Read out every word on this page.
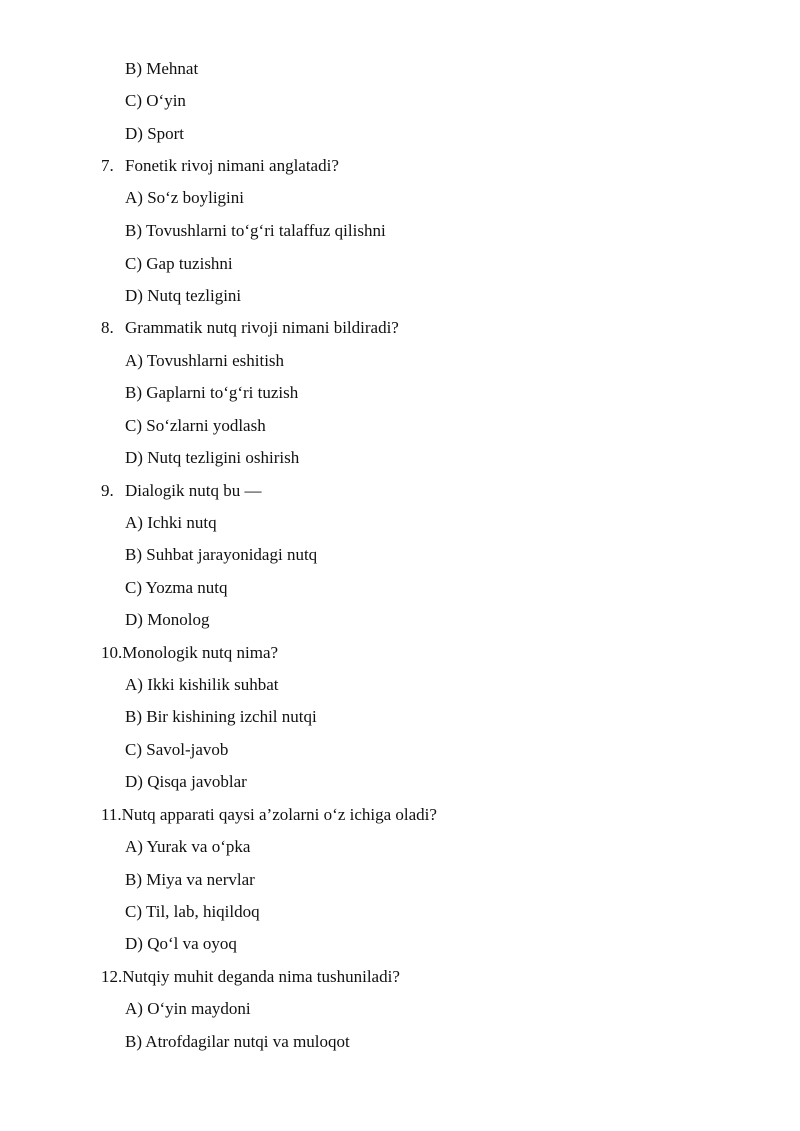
B) Mehnat
C) O‘yin
D) Sport
7. Fonetik rivoj nimani anglatadi?
A) So‘z boyligini
B) Tovushlarni to‘g‘ri talaffuz qilishni
C) Gap tuzishni
D) Nutq tezligini
8. Grammatik nutq rivoji nimani bildiradi?
A) Tovushlarni eshitish
B) Gaplarni to‘g‘ri tuzish
C) So‘zlarni yodlash
D) Nutq tezligini oshirish
9. Dialogik nutq bu —
A) Ichki nutq
B) Suhbat jarayonidagi nutq
C) Yozma nutq
D) Monolog
10.Monologik nutq nima?
A) Ikki kishilik suhbat
B) Bir kishining izchil nutqi
C) Savol-javob
D) Qisqa javoblar
11.Nutq apparati qaysi a’zolarni o‘z ichiga oladi?
A) Yurak va o‘pka
B) Miya va nervlar
C) Til, lab, hiqildoq
D) Qo‘l va oyoq
12.Nutqiy muhit deganda nima tushuniladi?
A) O‘yin maydoni
B) Atrofdagilar nutqi va muloqot
